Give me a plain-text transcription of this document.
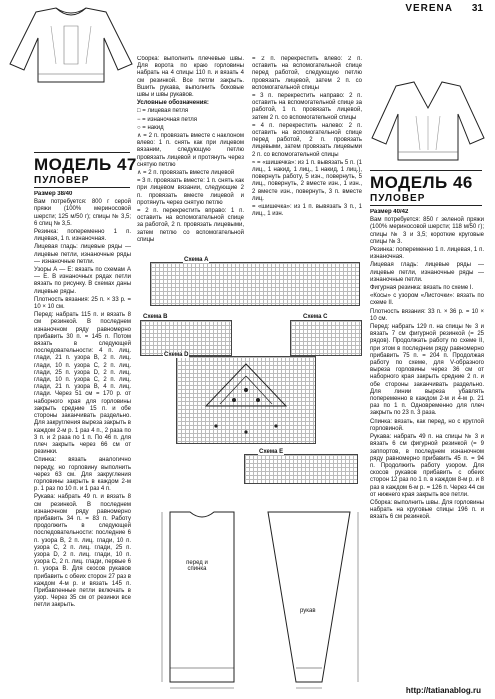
VERENA 31
МОДЕЛЬ 47
ПУЛОВЕР

Размер 38/40

Вам потребуется: 800 г серой пряжи (100% мериносовой шерсти; 125 м/50 г); спицы № 3,5; 6 спиц № 3,5.

Резинка: попеременно 1 п. лицевая, 1 п. изнаночная.

Лицевая гладь: лицевые ряды — лицевые петли, изнаночные ряды — изнаночные петли.

Узоры А — Е: вязать по схемам А — Е. В изнаночных рядах петли вязать по рисунку. В схемах даны лицевые ряды.

Плотность вязания: 25 п. × 33 р. = 10 × 10 см.

Перед: набрать 115 п. и вязать 8 см резинкой. В последнем изнаночном ряду равномерно прибавить 30 п. = 145 п. Потом вязать в следующей последовательности: 4 п. лиц. глади, 21 п. узора В, 2 п. лиц. глади, 10 п. узора С, 2 п. лиц. глади, 25 п. узора D, 2 п. лиц. глади, 10 п. узора С, 2 п. лиц. глади, 21 п. узора В, 4 п. лиц. глади. Через 51 см = 170 р. от наборного края для горловины закрыть средние 15 п. и обе стороны заканчивать раздельно. Для закругления выреза закрыть в каждом 2-м р. 1 раз 4 п., 2 раза по 3 п. и 2 раза по 1 п. По 46 п. для плеч закрыть через 66 см от резинки.

Спинка: вязать аналогично переду, но горловину выполнить через 63 см. Для закругления горловины закрыть в каждом 2-м р. 1 раз по 10 п. и 1 раз 4 п.

Рукава: набрать 49 п. и вязать 8 см резинкой. В последнем изнаночном ряду равномерно прибавить 34 п. = 83 п. Работу продолжить в следующей последовательности: последние 6 п. узора В, 2 п. лиц. глади, 10 п. узора С, 2 п. лиц. глади, 25 п. узора D, 2 п. лиц. глади, 10 п. узора С, 2 п. лиц. глади, первые 6 п. узора В. Для скосов рукавов прибавить с обеих сторон 27 раз в каждом 4-м р. и вязать 145 п. Прибавленные петли включать в узор. Через 35 см от резинки все петли закрыть.

Сборка: выполнить плечевые швы. Для ворота по краю горловины набрать на 4 спицы 110 п. и вязать 4 см резинкой. Все петли закрыть. Вшить рукава, выполнить боковые швы и швы рукавов.

Условные обозначения:

□ = лицевая петля

− = изнаночная петля

○ = накид

∧ = 2 п. провязать вместе с наклоном влево: 1 п. снять как при лицевом вязании, следующую петлю провязать лицевой и протянуть через снятую петлю

∧ = 2 п. провязать вместе лицевой

= 3 п. провязать вместе: 1 п. снять как при лицевом вязании, следующие 2 п. провязать вместе лицевой и протянуть через снятую петлю

= 2 п. перекрестить вправо: 1 п. оставить на вспомогательной спице за работой, 2 п. провязать лицевыми, затем петлю со вспомогательной спицы

= 2 п. перекрестить влево: 2 п. оставить на вспомогательной спице перед работой, следующую петлю провязать лицевой, затем 2 п. со вспомогательной спицы

= 3 п. перекрестить направо: 2 п. оставить на вспомогательной спице за работой, 1 п. провязать лицевой, затем 2 п. со вспомогательной спицы

= 4 п. перекрестить налево: 2 п. оставить на вспомогательной спице перед работой, 2 п. провязать лицевыми, затем провязать лицевыми 2 п. со вспомогательной спицы

≈ = «шишечка»: из 1 п. вывязать 5 п. (1 лиц., 1 накид, 1 лиц., 1 накид, 1 лиц.), повернуть работу, 5 изн., повернуть, 5 лиц., повернуть, 2 вместе изн., 1 изн., 2 вместе изн., повернуть, 3 п. вместе лиц.

= «шишечка»: из 1 п. вывязать 3 п., 1 лиц., 1 изн.

МОДЕЛЬ 46
ПУЛОВЕР

Размер 40/42

Вам потребуется: 850 г зеленой пряжи (100% мериносовой шерсти; 118 м/50 г); спицы № 3 и 3,5; короткие круговые спицы № 3.

Резинка: попеременно 1 п. лицевая, 1 п. изнаночная.

Лицевая гладь: лицевые ряды — лицевые петли, изнаночные ряды — изнаночные петли.

Фигурная резинка: вязать по схеме I.

«Косы» с узором «Листочки»: вязать по схеме II.

Плотность вязания: 33 п. × 36 р. = 10 × 10 см.

Перед: набрать 129 п. на спицы № 3 и вязать 7 см фигурной резинкой (= 25 рядов). Продолжать работу по схеме II, при этом в последнем ряду равномерно прибавить 75 п. = 204 п. Продолжая работу по схеме, для V-образного выреза горловины через 36 см от наборного края закрыть средние 2 п. и обе стороны заканчивать раздельно. Для линии выреза убавлять попеременно в каждом 2-м и 4-м р. 21 раз по 1 п. Одновременно для плеч закрыть по 23 п. 3 раза.

Спинка: вязать, как перед, но с круглой горловиной.

Рукава: набрать 49 п. на спицы № 3 и вязать 6 см фигурной резинкой (= 9 заппортов, в последнем изнаночном ряду равномерно прибавить 45 п. = 94 п. Продолжить работу узором. Для скосов рукавов прибавить с обеих сторон 12 раз по 1 п. в каждом 8-м р. и 8 раз в каждом 6-м р. = 126 п. Через 44 см от нижнего края закрыть все петли.

Сборка: выполнить швы. Для горловины набрать на круговые спицы 196 п. и вязать 6 см резинкой.

Схема А
Схема В	Схема С
Схема D
Схема Е
перед и спинка
рукав
http://tatianablog.ru
